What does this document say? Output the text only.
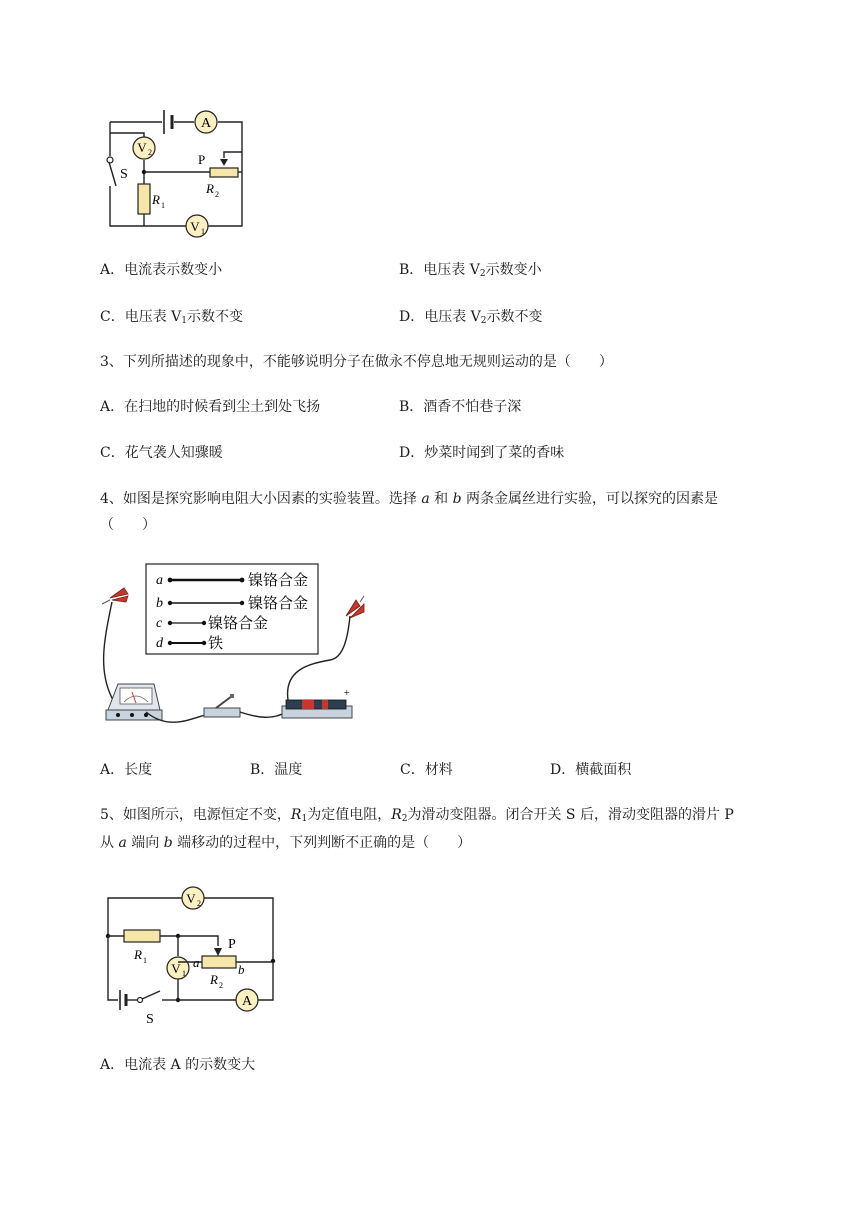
A
S
V 2
R 1
P
R 2
V 1
A．电流表示数变小	B．电压表 $V_2$示数变小
C．电压表 $V_1$示数不变	D．电压表 $V_2$示数不变
3、下列所描述的现象中，不能够说明分子在做永不停息地无规则运动的是（　　）
A．在扫地的时候看到尘土到处飞扬	B．酒香不怕巷子深
C．花气袭人知骤暖	D．炒菜时闻到了菜的香味
4、如图是探究影响电阻大小因素的实验装置。选择 a 和 b 两条金属丝进行实验，可以探究的因素是
（　　）
a	镍铬合金
b	镍铬合金
c	镍铬合金
d	铁
+
A．长度	B．温度	C．材料	D．横截面积
5、如图所示，电源恒定不变，$R_1$为定值电阻，$R_2$为滑动变阻器。闭合开关 S 后，滑动变阻器的滑片 P
从 a 端向 b 端移动的过程中，下列判断不正确的是（　　）
V 2
R 1
P
V 1
a	b
R 2
A
S
A．电流表 A 的示数变大
